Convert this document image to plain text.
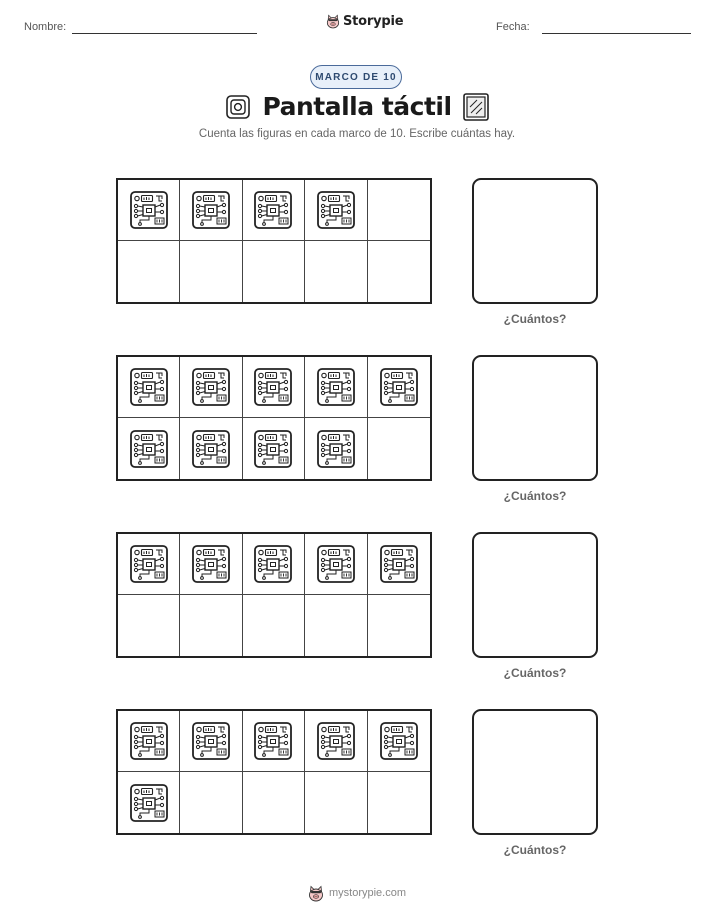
Nombre:	Storypie	Fecha:
MARCO DE 10
Pantalla táctil
Cuenta las figuras en cada marco de 10. Escribe cuántas hay.
¿Cuántos?
¿Cuántos?
¿Cuántos?
¿Cuántos?
mystorypie.com
